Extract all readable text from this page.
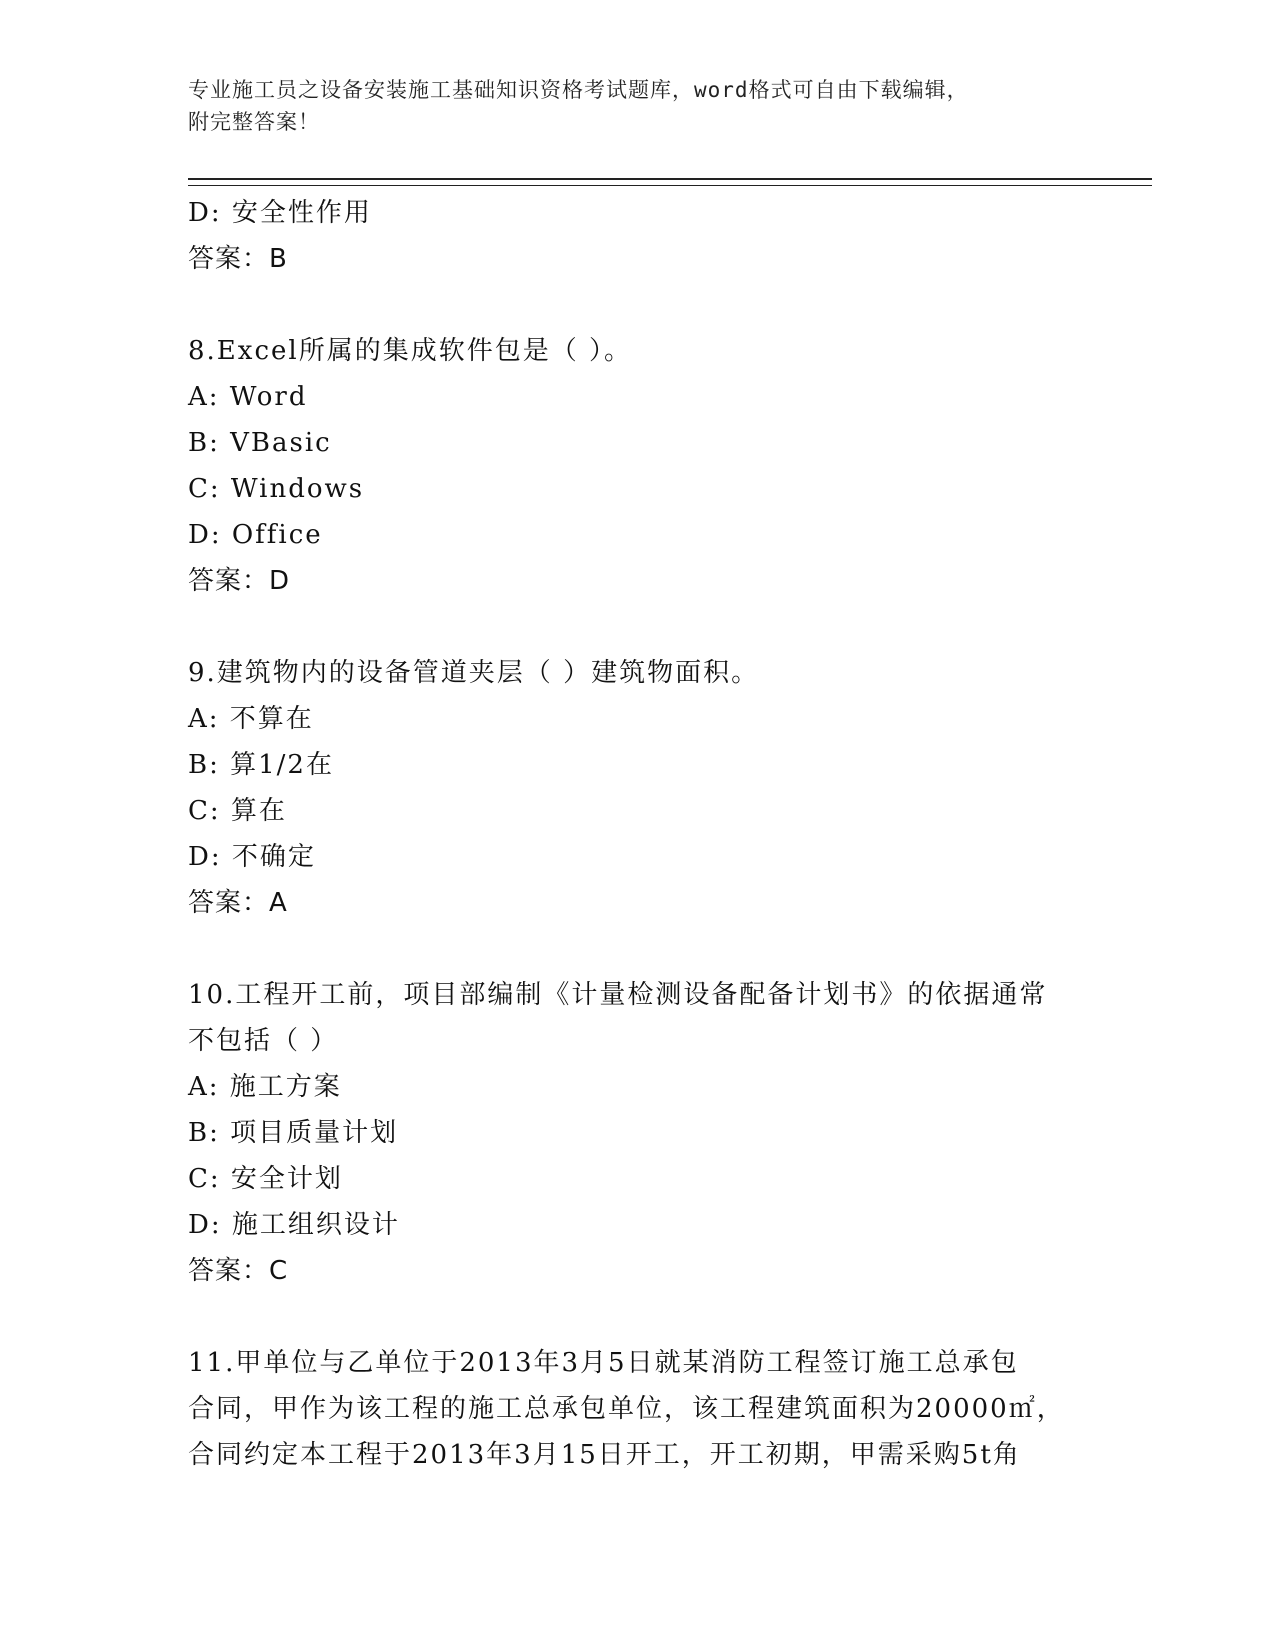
专业施工员之设备安装施工基础知识资格考试题库，word格式可自由下载编辑，
附完整答案！
D: 安全性作用
答案：B
8.Excel所属的集成软件包是（ ）。
A: Word
B: VBasic
C: Windows
D: Office
答案：D
9.建筑物内的设备管道夹层（ ）建筑物面积。
A: 不算在
B: 算1/2在
C: 算在
D: 不确定
答案：A
10.工程开工前，项目部编制《计量检测设备配备计划书》的依据通常
不包括（ ）
A: 施工方案
B: 项目质量计划
C: 安全计划
D: 施工组织设计
答案：C
11.甲单位与乙单位于2013年3月5日就某消防工程签订施工总承包
合同，甲作为该工程的施工总承包单位，该工程建筑面积为20000㎡，
合同约定本工程于2013年3月15日开工，开工初期，甲需采购5t角
